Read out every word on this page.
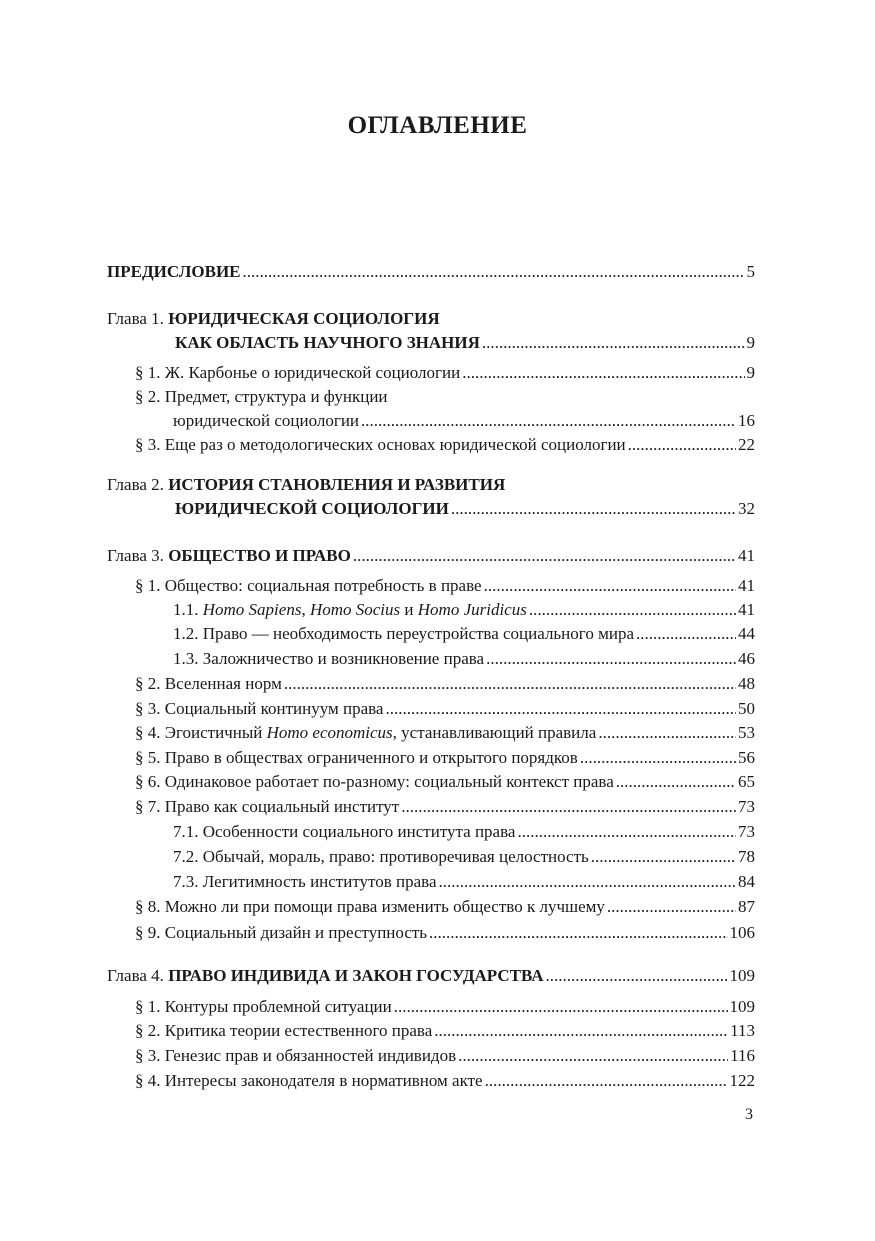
ОГЛАВЛЕНИЕ
ПРЕДИСЛОВИЕ .....	5
Глава 1.
ЮРИДИЧЕСКАЯ СОЦИОЛОГИЯ
КАК ОБЛАСТЬ НАУЧНОГО ЗНАНИЯ .....	9
§ 1. Ж. Карбонье о юридической социологии .....	9
§ 2. Предмет, структура и функции
юридической социологии .....	16
§ 3. Еще раз о методологических основах юридической социологии .....	22
Глава 2.
ИСТОРИЯ СТАНОВЛЕНИЯ И РАЗВИТИЯ
ЮРИДИЧЕСКОЙ СОЦИОЛОГИИ .....	32
Глава 3.
ОБЩЕСТВО И ПРАВО .....	41
§ 1. Общество: социальная потребность в праве .....	41
1.1. Homo Sapiens, Homo Socius и Homo Juridicus .....	41
1.2. Право — необходимость переустройства социального мира .....	44
1.3. Заложничество и возникновение права .....	46
§ 2. Вселенная норм .....	48
§ 3. Социальный континуум права .....	50
§ 4. Эгоистичный Homo economicus, устанавливающий правила .....	53
§ 5. Право в обществах ограниченного и открытого порядков .....	56
§ 6. Одинаковое работает по-разному: социальный контекст права .....	65
§ 7. Право как социальный институт .....	73
7.1. Особенности социального института права .....	73
7.2. Обычай, мораль, право: противоречивая целостность .....	78
7.3. Легитимность институтов права .....	84
§ 8. Можно ли при помощи права изменить общество к лучшему .....	87
§ 9. Социальный дизайн и преступность .....	106
Глава 4.
ПРАВО ИНДИВИДА И ЗАКОН ГОСУДАРСТВА .....	109
§ 1. Контуры проблемной ситуации .....	109
§ 2. Критика теории естественного права .....	113
§ 3. Генезис прав и обязанностей индивидов .....	116
§ 4. Интересы законодателя в нормативном акте .....	122
3
